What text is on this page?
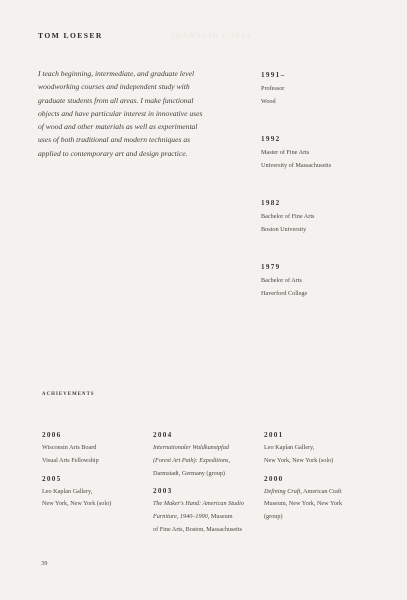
TOM LOESER	FRANKLIN CORSE
I teach beginning, intermediate, and graduate level
woodworking courses and independent study with
graduate students from all areas. I make functional
objects and have particular interest in innovative uses
of wood and other materials as well as experimental
uses of both traditional and modern techniques as
applied to contemporary art and design practice.
1991–
Professor
Wood
1992
Master of Fine Arts
University of Massachusetts
1982
Bachelor of Fine Arts
Boston University
1979
Bachelor of Arts
Haverford College
ACHIEVEMENTS
2006
Wisconsin Arts Board
Visual Arts Fellowship
2005
Leo Kaplan Gallery,
New York, New York (solo)
2004
Internationaler Waldkunstpfad
(Forest Art Path): Expeditions,
Darmstadt, Germany (group)
2003
The Maker's Hand: American Studio
Furniture, 1940–1990, Museum
of Fine Arts, Boston, Massachusetts
2001
Leo Kaplan Gallery,
New York, New York (solo)
2000
Defining Craft, American Craft
Museum, New York, New York
(group)
39
